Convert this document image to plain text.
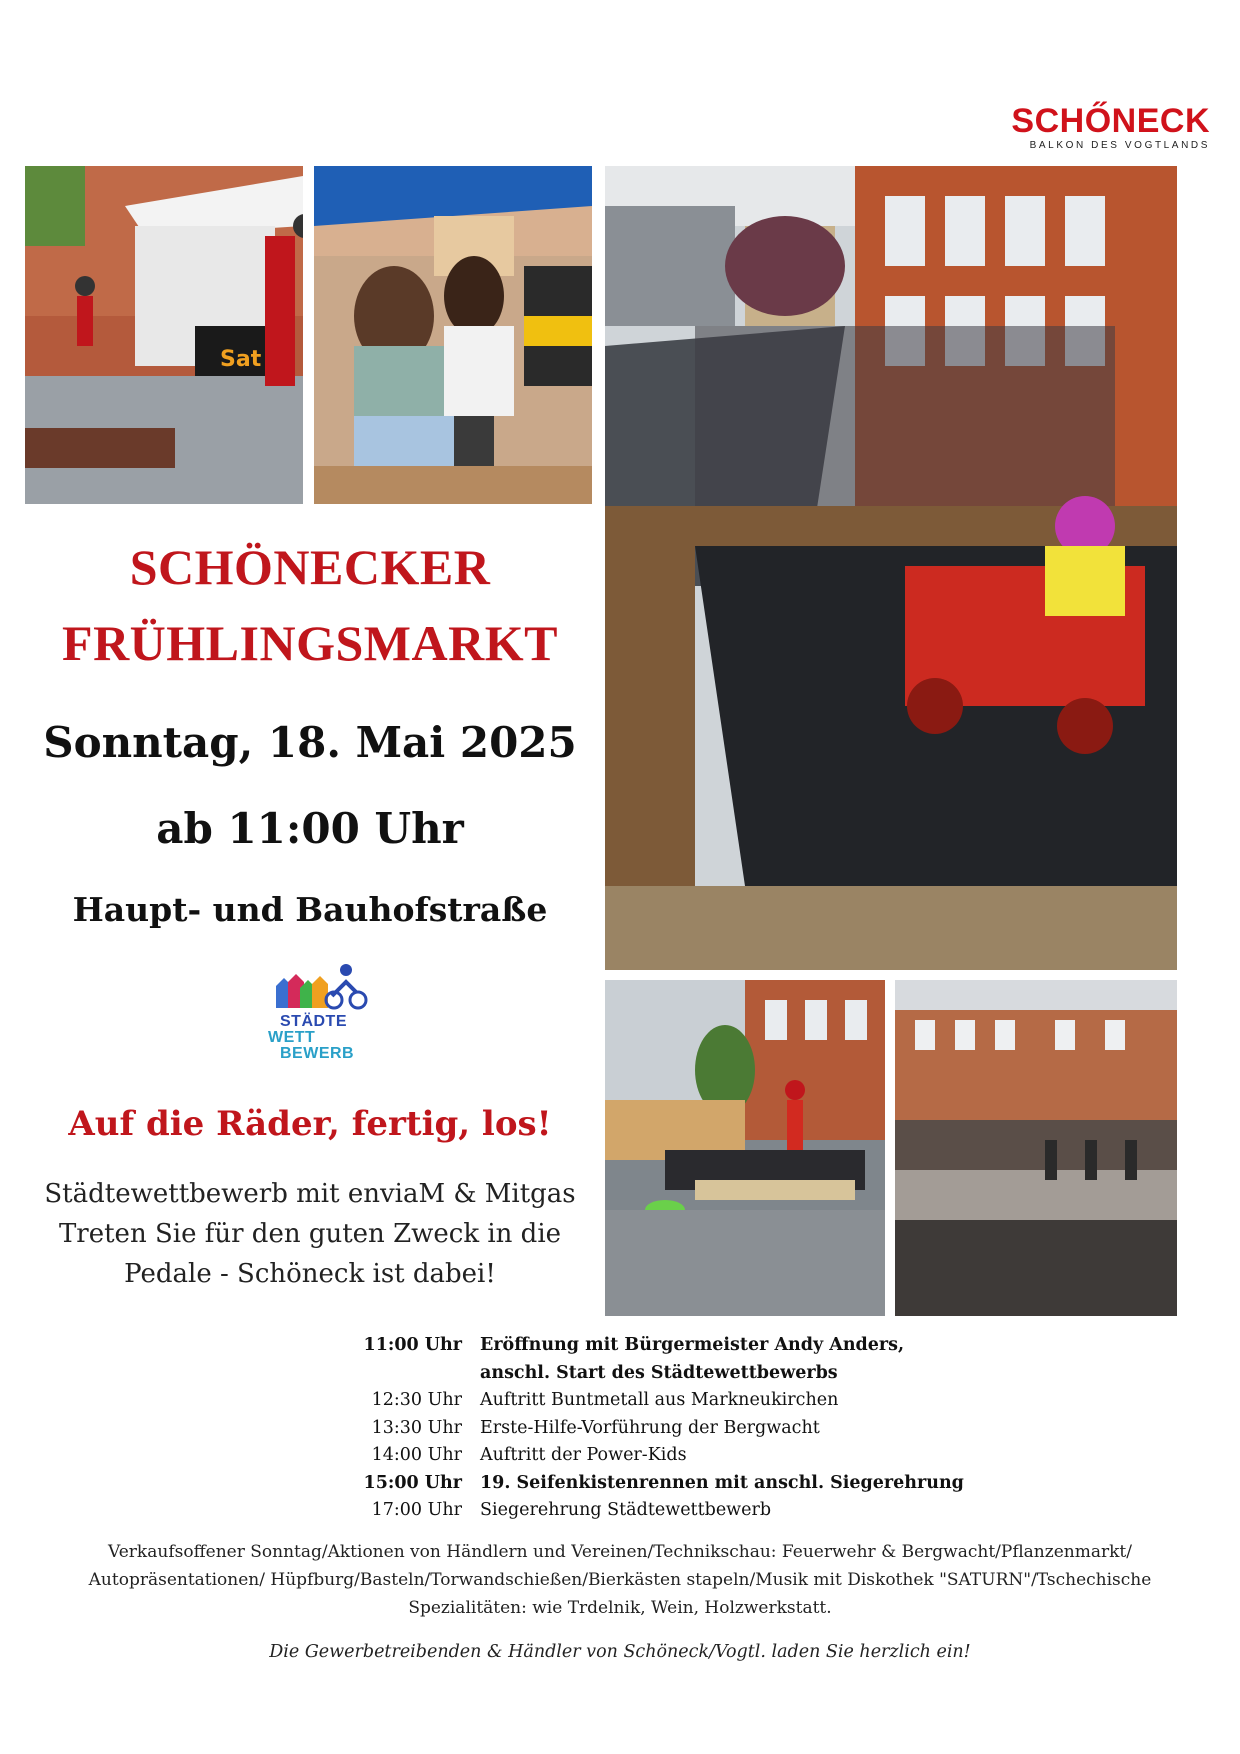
SCHŐNECK
BALKON DES VOGTLANDS
Sat
SCHÖNECKER
FRÜHLINGSMARKT
Sonntag, 18. Mai 2025
ab 11:00 Uhr
Haupt- und Bauhofstraße
STÄDTE
WETT
BEWERB
Auf die Räder, fertig, los!
Städtewettbewerb mit enviaM & Mitgas
Treten Sie für den guten Zweck in die
Pedale - Schöneck ist dabei!
11:00 Uhr	Eröffnung mit Bürgermeister Andy Anders,
anschl. Start des Städtewettbewerbs
12:30 Uhr	Auftritt Buntmetall aus Markneukirchen
13:30 Uhr	Erste-Hilfe-Vorführung der Bergwacht
14:00 Uhr	Auftritt der Power-Kids
15:00 Uhr	19. Seifenkistenrennen mit anschl. Siegerehrung
17:00 Uhr	Siegerehrung Städtewettbewerb
Verkaufsoffener Sonntag/Aktionen von Händlern und Vereinen/Technikschau: Feuerwehr & Bergwacht/Pflanzenmarkt/
Autopräsentationen/ Hüpfburg/Basteln/Torwandschießen/Bierkästen stapeln/Musik mit Diskothek "SATURN"/Tschechische
Spezialitäten: wie Trdelnik, Wein, Holzwerkstatt.
Die Gewerbetreibenden & Händler von Schöneck/Vogtl. laden Sie herzlich ein!
